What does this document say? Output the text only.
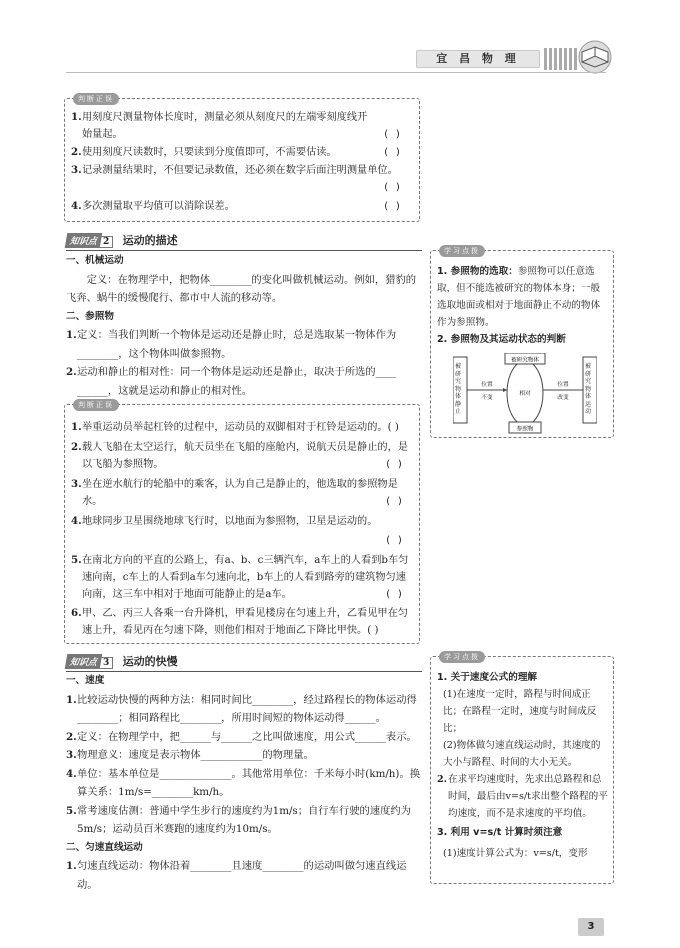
宜 昌 物 理
判断正误
1. 用刻度尺测量物体长度时，测量必须从刻度尺的左端零刻度线开始量起。	( )
2. 使用刻度尺读数时，只要读到分度值即可，不需要估读。	( )
3. 记录测量结果时，不但要记录数值，还必须在数字后面注明测量单位。
( )
4. 多次测量取平均值可以消除误差。	( )
知识点 2 运动的描述
一、机械运动
定义：在物理学中，把物体________的变化叫做机械运动。例如，猎豹的飞奔、蜗牛的缓慢爬行、都市中人流的移动等。
二、参照物
1. 定义：当我们判断一个物体是运动还是静止时，总是选取某一物体作为________，这个物体叫做参照物。
2. 运动和静止的相对性：同一个物体是运动还是静止，取决于所选的____ ______，这就是运动和静止的相对性。
判断正误
1. 举重运动员举起杠铃的过程中，运动员的双脚相对于杠铃是运动的。( )
2. 载人飞船在太空运行，航天员坐在飞船的座舱内，说航天员是静止的，是以飞船为参照物。	( )
3. 坐在逆水航行的轮船中的乘客，认为自己是静止的，他选取的参照物是水。	( )
4. 地球同步卫星围绕地球飞行时，以地面为参照物，卫星是运动的。
( )
5. 在南北方向的平直的公路上，有a、b、c三辆汽车，a车上的人看到b车匀速向南，c车上的人看到a车匀速向北，b车上的人看到路旁的建筑物匀速向南，这三车中相对于地面可能静止的是a车。	( )
6. 甲、乙、丙三人各乘一台升降机，甲看见楼房在匀速上升，乙看见甲在匀速上升，看见丙在匀速下降，则他们相对于地面乙下降比甲快。( )
学习点拨
1. 参照物的选取：参照物可以任意选取，但不能选被研究的物体本身；一般选取地面或相对于地面静止不动的物体作为参照物。
2. 参照物及其运动状态的判断
被研究物体
参照物
相对
位置
不变
位置
改变
被研究物体静止
被研究物体运动
知识点 3 运动的快慢
一、速度
1. 比较运动快慢的两种方法：相同时间比________，经过路程长的物体运动得________；相同路程比________，所用时间短的物体运动得______。
2. 定义：在物理学中，把______与______之比叫做速度，用公式______表示。
3. 物理意义：速度是表示物体____________的物理量。
4. 单位：基本单位是______________。其他常用单位：千米每小时(km/h)。换算关系：1m/s=________km/h。
5. 常考速度估测：普通中学生步行的速度约为1m/s；自行车行驶的速度约为5m/s；运动员百米赛跑的速度约为10m/s。
二、匀速直线运动
1. 匀速直线运动：物体沿着________且速度________的运动叫做匀速直线运动。
学习点拨
1. 关于速度公式的理解
(1)在速度一定时，路程与时间成正比；在路程一定时，速度与时间成反比；
(2)物体做匀速直线运动时，其速度的大小与路程、时间的大小无关。
2. 在求平均速度时，先求出总路程和总时间，最后由v=s/t求出整个路程的平均速度，而不是求速度的平均值。
3. 利用 v=s/t 计算时须注意
(1)速度计算公式为：v=s/t，变形
3
